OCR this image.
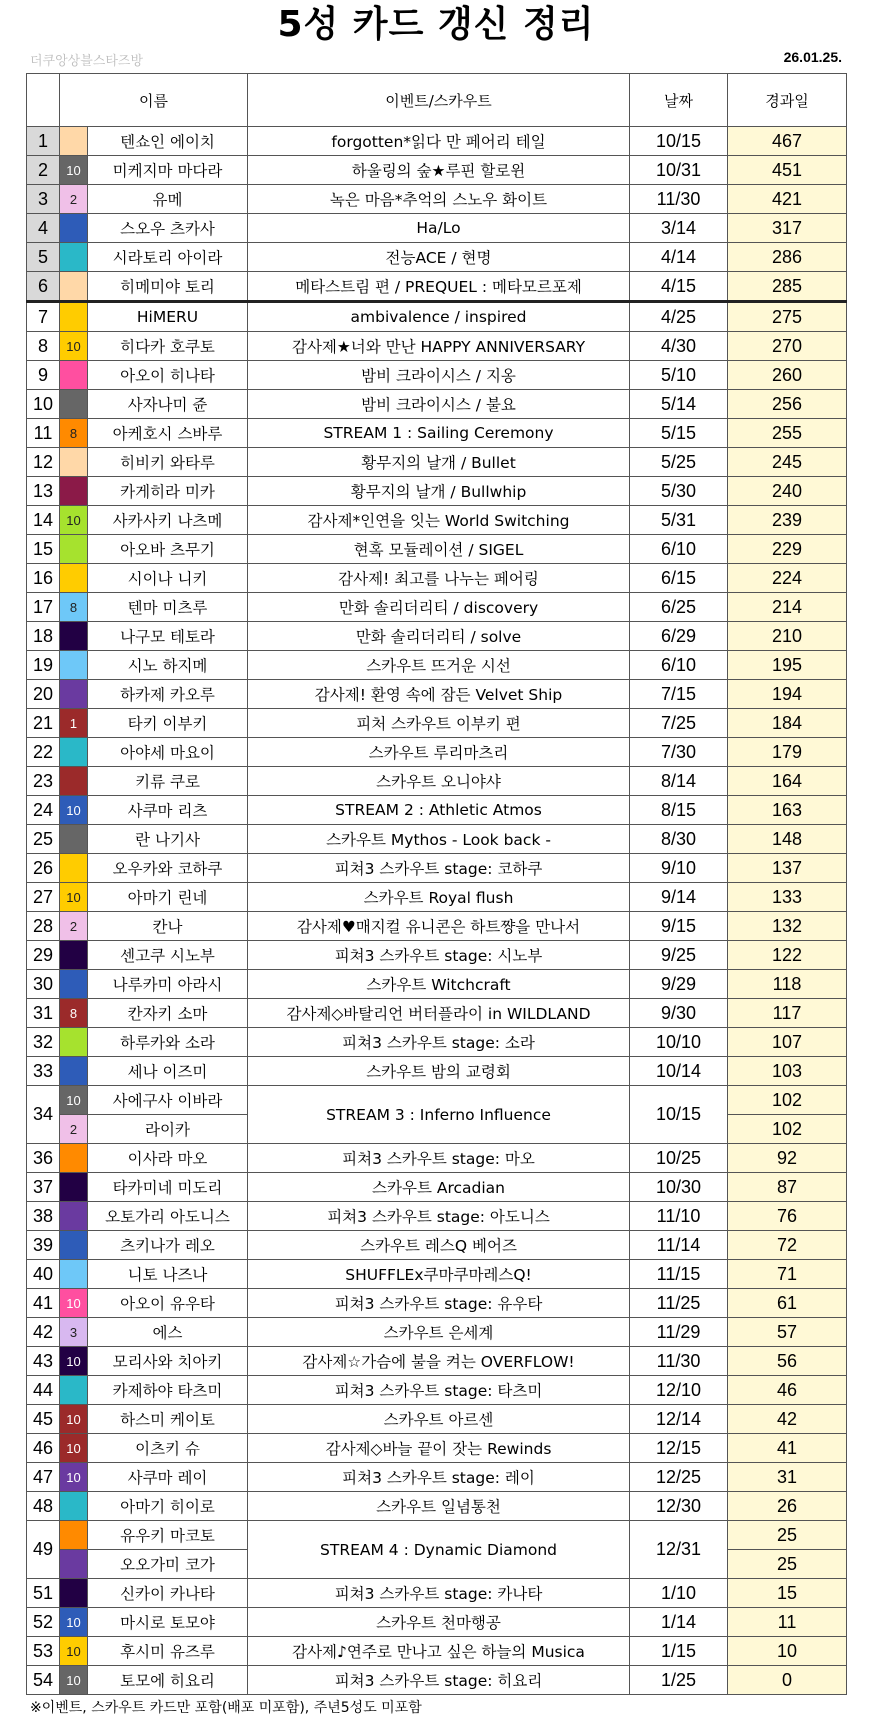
5성 카드 갱신 정리
더쿠앙상블스타즈방	26.01.25.
	이름		이벤트/스카우트	날짜	경과일
1		텐쇼인 에이치	forgotten*읽다 만 페어리 테일	10/15	467
2	10	미케지마 마다라	하울링의 숲★루핀 할로윈	10/31	451
3	2	유메	녹은 마음*추억의 스노우 화이트	11/30	421
4		스오우 츠카사	Ha/Lo	3/14	317
5		시라토리 아이라	전능ACE / 현명	4/14	286
6		히메미야 토리	메타스트림 편 / PREQUEL : 메타모르포제	4/15	285
7		HiMERU	ambivalence / inspired	4/25	275
8	10	히다카 호쿠토	감사제★너와 만난 HAPPY ANNIVERSARY	4/30	270
9		아오이 히나타	밤비 크라이시스 / 지옹	5/10	260
10		사자나미 쥰	밤비 크라이시스 / 불요	5/14	256
11	8	아케호시 스바루	STREAM 1 : Sailing Ceremony	5/15	255
12		히비키 와타루	황무지의 날개 / Bullet	5/25	245
13		카게히라 미카	황무지의 날개 / Bullwhip	5/30	240
14	10	사카사키 나츠메	감사제*인연을 잇는 World Switching	5/31	239
15		아오바 츠무기	현혹 모듈레이션 / SIGEL	6/10	229
16		시이나 니키	감사제! 최고를 나누는 페어링	6/15	224
17	8	텐마 미츠루	만화 솔리더리티 / discovery	6/25	214
18		나구모 테토라	만화 솔리더리티 / solve	6/29	210
19		시노 하지메	스카우트 뜨거운 시선	6/10	195
20		하카제 카오루	감사제! 환영 속에 잠든 Velvet Ship	7/15	194
21	1	타키 이부키	피처 스카우트 이부키 편	7/25	184
22		아야세 마요이	스카우트 루리마츠리	7/30	179
23		키류 쿠로	스카우트 오니야샤	8/14	164
24	10	사쿠마 리츠	STREAM 2 : Athletic Atmos	8/15	163
25		란 나기사	스카우트 Mythos - Look back -	8/30	148
26		오우카와 코하쿠	피쳐3 스카우트 stage: 코하쿠	9/10	137
27	10	아마기 린네	스카우트 Royal flush	9/14	133
28	2	칸나	감사제♥매지컬 유니콘은 하트쨩을 만나서	9/15	132
29		센고쿠 시노부	피쳐3 스카우트 stage: 시노부	9/25	122
30		나루카미 아라시	스카우트 Witchcraft	9/29	118
31	8	칸자키 소마	감사제◇바탈리언 버터플라이 in WILDLAND	9/30	117
32		하루카와 소라	피쳐3 스카우트 stage: 소라	10/10	107
33		세나 이즈미	스카우트 밤의 교령회	10/14	103
34	10	사에구사 이바라	STREAM 3 : Inferno Influence	10/15	102
	2	라이카			102
36		이사라 마오	피쳐3 스카우트 stage: 마오	10/25	92
37		타카미네 미도리	스카우트 Arcadian	10/30	87
38		오토가리 아도니스	피쳐3 스카우트 stage: 아도니스	11/10	76
39		츠키나가 레오	스카우트 레스Q 베어즈	11/14	72
40		니토 나즈나	SHUFFLEx쿠마쿠마레스Q!	11/15	71
41	10	아오이 유우타	피쳐3 스카우트 stage: 유우타	11/25	61
42	3	에스	스카우트 은세계	11/29	57
43	10	모리사와 치아키	감사제☆가슴에 불을 켜는 OVERFLOW!	11/30	56
44		카제하야 타츠미	피쳐3 스카우트 stage: 타츠미	12/10	46
45	10	하스미 케이토	스카우트 아르센	12/14	42
46	10	이츠키 슈	감사제◇바늘 끝이 잣는 Rewinds	12/15	41
47	10	사쿠마 레이	피쳐3 스카우트 stage: 레이	12/25	31
48		아마기 히이로	스카우트 일념통천	12/30	26
49		유우키 마코토	STREAM 4 : Dynamic Diamond	12/31	25
		오오가미 코가			25
51		신카이 카나타	피쳐3 스카우트 stage: 카나타	1/10	15
52	10	마시로 토모야	스카우트 천마행공	1/14	11
53	10	후시미 유즈루	감사제♪연주로 만나고 싶은 하늘의 Musica	1/15	10
54	10	토모에 히요리	피쳐3 스카우트 stage: 히요리	1/25	0
※이벤트, 스카우트 카드만 포함(배포 미포함), 주년5성도 미포함
